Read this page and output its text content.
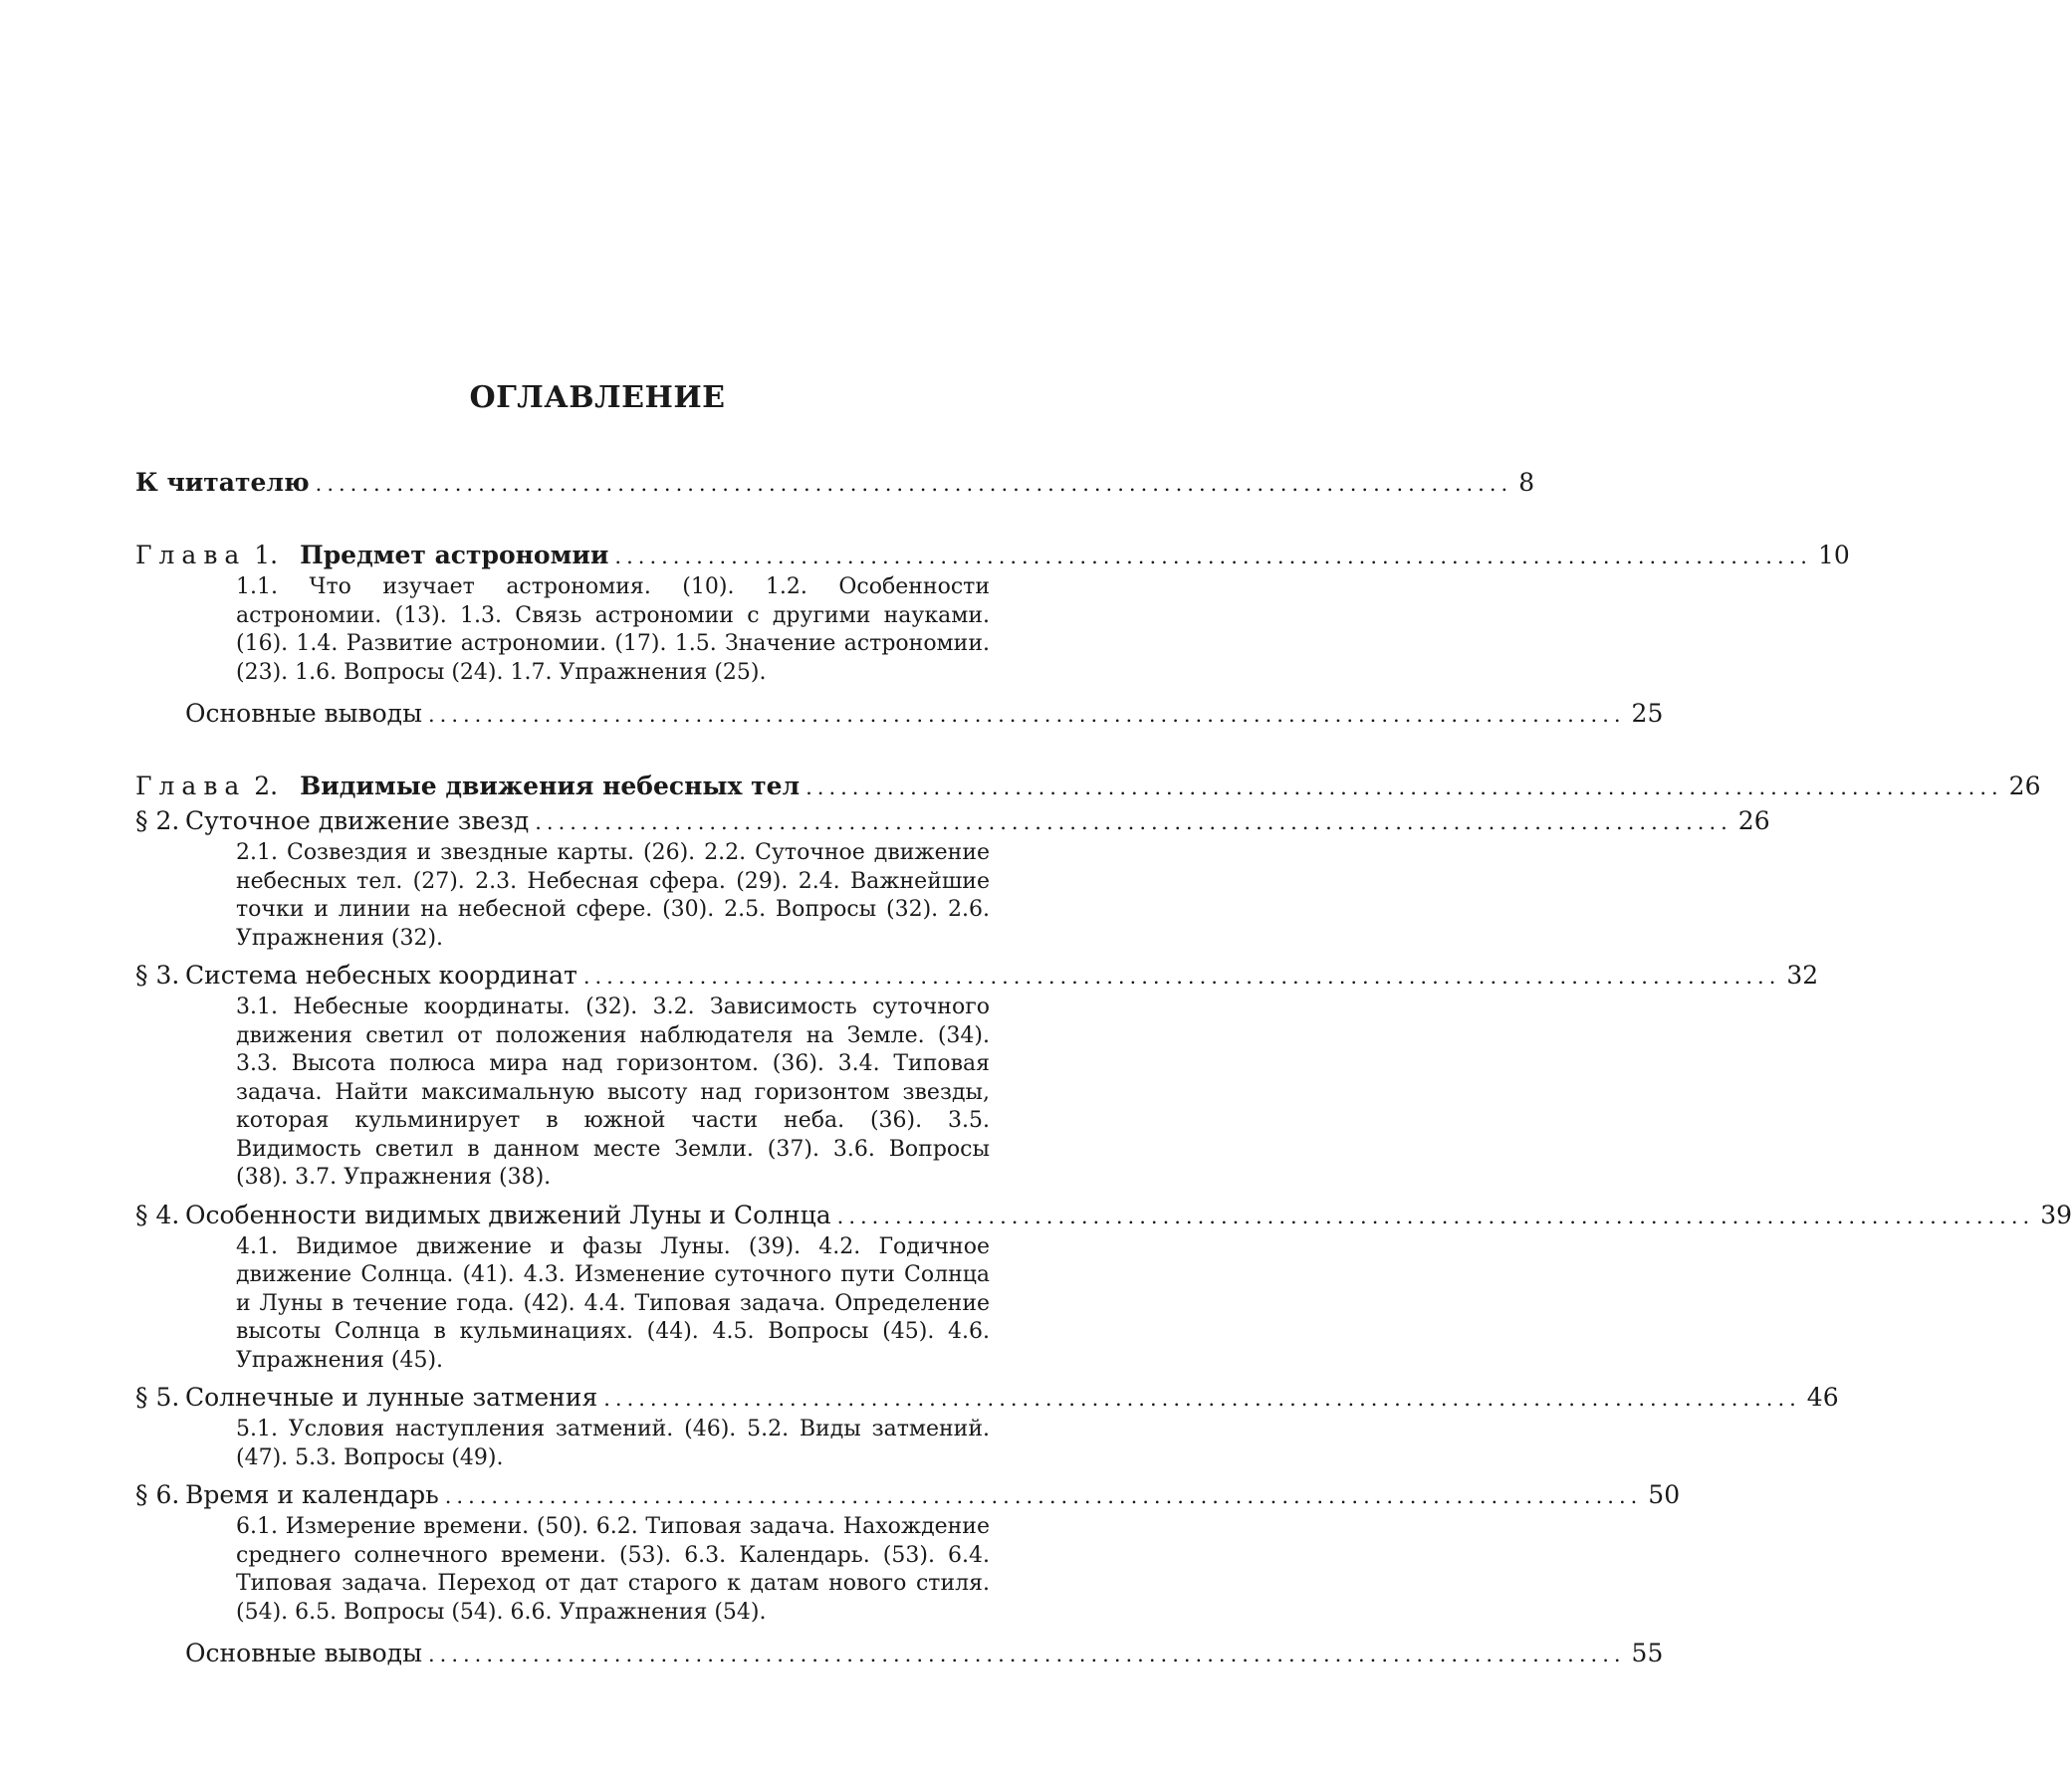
ОГЛАВЛЕНИЕ
К читателю ....................................................................................................... 8
Глава 1. Предмет астрономии ....................................................................................................... 10
1.1. Что изучает астрономия. (10). 1.2. Особенности астрономии. (13). 1.3. Связь астрономии с другими науками. (16). 1.4. Развитие астрономии. (17). 1.5. Значение астрономии. (23). 1.6. Вопросы (24). 1.7. Упражнения (25).
Основные выводы ....................................................................................................... 25
Глава 2. Видимые движения небесных тел ....................................................................................................... 26
§ 2. Суточное движение звезд ....................................................................................................... 26
2.1. Созвездия и звездные карты. (26). 2.2. Суточное движение небесных тел. (27). 2.3. Небесная сфера. (29). 2.4. Важнейшие точки и линии на небесной сфере. (30). 2.5. Вопросы (32). 2.6. Упражнения (32).
§ 3. Система небесных координат ....................................................................................................... 32
3.1. Небесные координаты. (32). 3.2. Зависимость суточного движения светил от положения наблюдателя на Земле. (34). 3.3. Высота полюса мира над горизонтом. (36). 3.4. Типовая задача. Найти максимальную высоту над горизонтом звезды, которая кульминирует в южной части неба. (36). 3.5. Видимость светил в данном месте Земли. (37). 3.6. Вопросы (38). 3.7. Упражнения (38).
§ 4. Особенности видимых движений Луны и Солнца ....................................................................................................... 39
4.1. Видимое движение и фазы Луны. (39). 4.2. Годичное движение Солнца. (41). 4.3. Изменение суточного пути Солнца и Луны в течение года. (42). 4.4. Типовая задача. Определение высоты Солнца в кульминациях. (44). 4.5. Вопросы (45). 4.6. Упражнения (45).
§ 5. Солнечные и лунные затмения ....................................................................................................... 46
5.1. Условия наступления затмений. (46). 5.2. Виды затмений. (47). 5.3. Вопросы (49).
§ 6. Время и календарь ....................................................................................................... 50
6.1. Измерение времени. (50). 6.2. Типовая задача. Нахождение среднего солнечного времени. (53). 6.3. Календарь. (53). 6.4. Типовая задача. Переход от дат старого к датам нового стиля. (54). 6.5. Вопросы (54). 6.6. Упражнения (54).
Основные выводы ....................................................................................................... 55
